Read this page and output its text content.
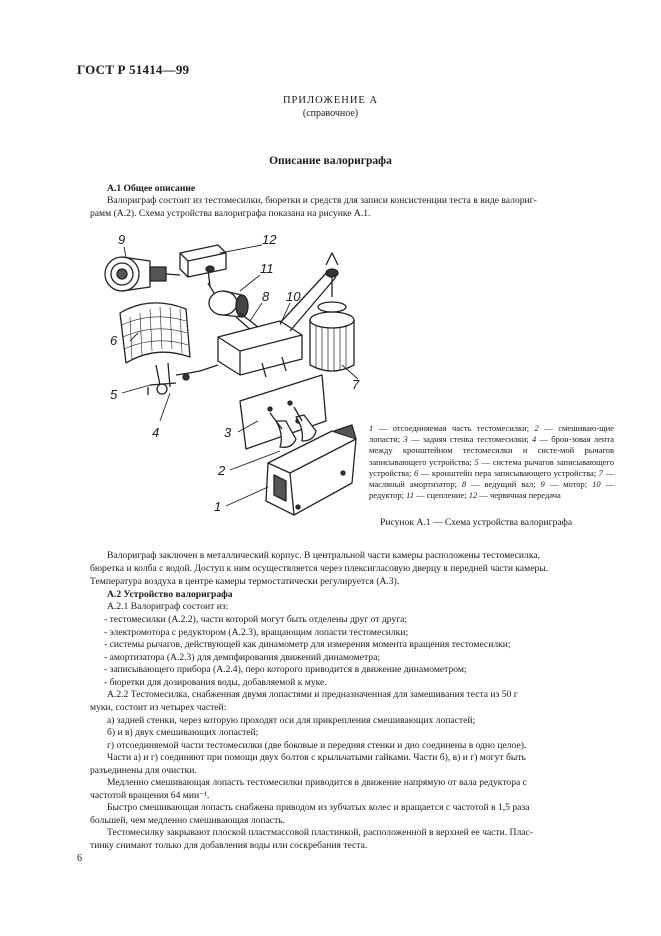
ГОСТ Р 51414—99
ПРИЛОЖЕНИЕ А
(справочное)
Описание валориграфа
А.1 Общее описание
Валориграф состоит из тестомесилки, бюретки и средств для записи консистенции теста в виде валориг-
рамм (А.2). Схема устройства валориграфа показана на рисунке А.1.
9	12
11
8 10
6
7
5
4	3
2
1
1 — отсоединяемая часть тестомесилки; 2 — смешиваю-щие лопасти; 3 — задняя стенка тестомесилки; 4 — брон-зовая лента между кронштейном тестомесилки и систе-мой рычагов записывающего устройства; 5 — система рычагов записывающего устройства; 6 — кронштейн пера записывающего устройства; 7 — масляный амортизатор; 8 — ведущий вал; 9 — мотор; 10 — редуктор; 11 — сцепление; 12 — червячная передача
Рисунок А.1 — Схема устройства валориграфа
Валориграф заключен в металлический корпус. В центральной части камеры расположены тестомесилка,
бюретка и колба с водой. Доступ к ним осуществляется через плексигласовую дверцу в передней части камеры.
Температура воздуха в центре камеры термостатически регулируется (А.3).
А.2 Устройство валориграфа
А.2.1 Валориграф состоит из:
- тестомесилки (А.2.2), части которой могут быть отделены друг от друга;
- электромотора с редуктором (А.2.3), вращающим лопасти тестомесилки;
- системы рычагов, действующей как динамометр для измерения момента вращения тестомесилки;
- амортизатора (А.2.3) для демпфирования движений динамометра;
- записывающего прибора (А.2.4), перо которого приводится в движение динамометром;
- бюретки для дозирования воды, добавляемой к муке.
А.2.2 Тестомесилка, снабженная двумя лопастями и предназначенная для замешивания теста из 50 г
муки, состоит из четырех частей:
а) задней стенки, через которую проходят оси для прикрепления смешивающих лопастей;
б) и в) двух смешивающих лопастей;
г) отсоединяемой части тестомесилки (две боковые и передняя стенки и дно соединены в одно целое).
Части а) и г) соединяют при помощи двух болтов с крыльчатыми гайками. Части б), в) и г) могут быть
разъединены для очистки.
Медленно смешивающая лопасть тестомесилки приводится в движение напрямую от вала редуктора с
частотой вращения 64 мин⁻¹.
Быстро смешивающая лопасть снабжена приводом из зубчатых колес и вращается с частотой в 1,5 раза
большей, чем медленно смешивающая лопасть.
Тестомесилку закрывают плоской пластмассовой пластинкой, расположенной в верхней ее части. Плас-
тинку снимают только для добавления воды или соскребания теста.
6
